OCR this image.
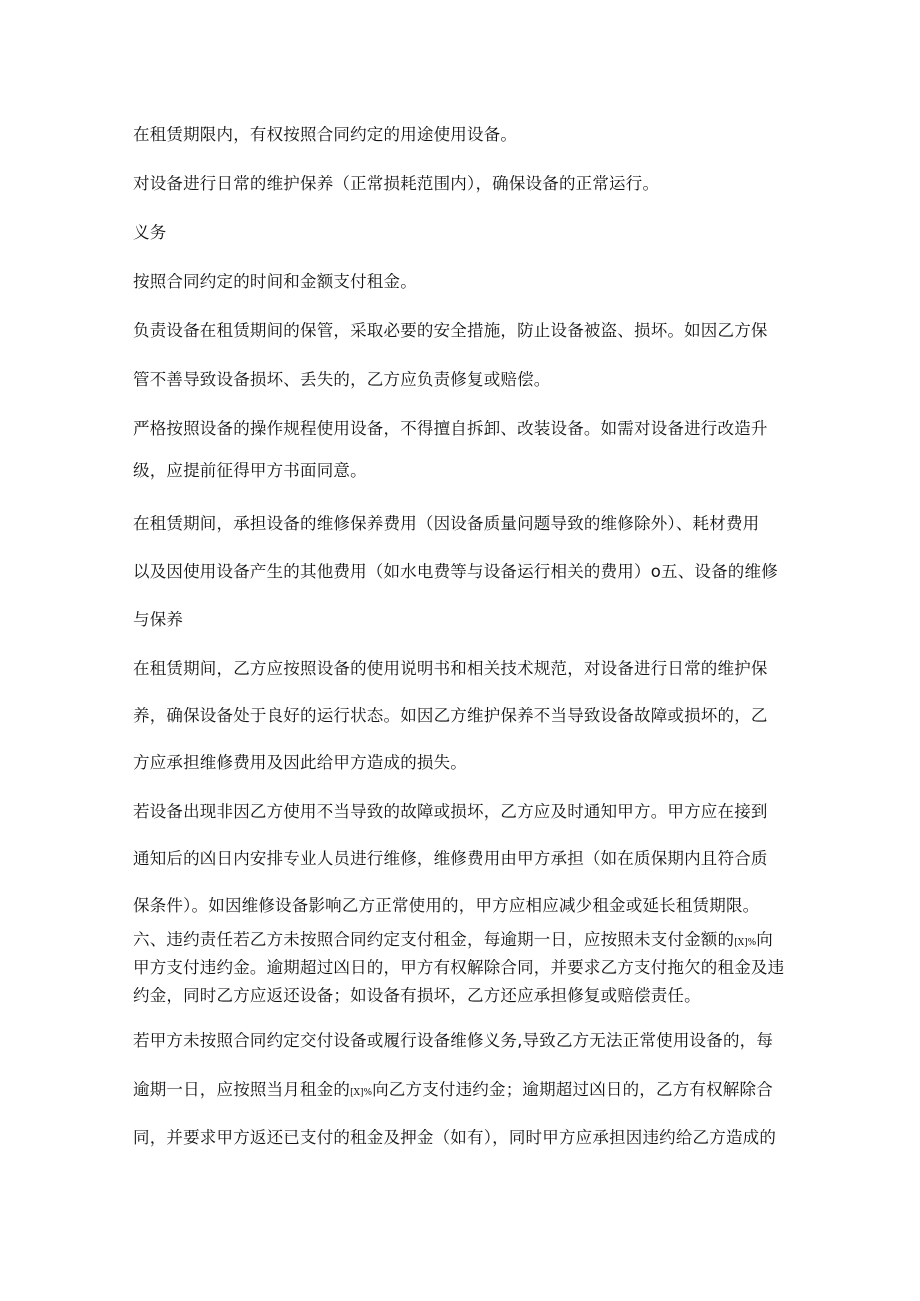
在租赁期限内，有权按照合同约定的用途使用设备。
对设备进行日常的维护保养（正常损耗范围内），确保设备的正常运行。
义务
按照合同约定的时间和金额支付租金。
负责设备在租赁期间的保管，采取必要的安全措施，防止设备被盗、损坏。如因乙方保
管不善导致设备损坏、丢失的，乙方应负责修复或赔偿。
严格按照设备的操作规程使用设备，不得擅自拆卸、改装设备。如需对设备进行改造升
级，应提前征得甲方书面同意。
在租赁期间，承担设备的维修保养费用（因设备质量问题导致的维修除外）、耗材费用
以及因使用设备产生的其他费用（如水电费等与设备运行相关的费用）o五、设备的维修
与保养
在租赁期间，乙方应按照设备的使用说明书和相关技术规范，对设备进行日常的维护保
养，确保设备处于良好的运行状态。如因乙方维护保养不当导致设备故障或损坏的，乙
方应承担维修费用及因此给甲方造成的损失。
若设备出现非因乙方使用不当导致的故障或损坏，乙方应及时通知甲方。甲方应在接到
通知后的凶日内安排专业人员进行维修，维修费用由甲方承担（如在质保期内且符合质
保条件）。如因维修设备影响乙方正常使用的，甲方应相应减少租金或延长租赁期限。
六、违约责任若乙方未按照合同约定支付租金，每逾期一日，应按照未支付金额的[X]%向
甲方支付违约金。逾期超过凶日的，甲方有权解除合同，并要求乙方支付拖欠的租金及违
约金，同时乙方应返还设备；如设备有损坏，乙方还应承担修复或赔偿责任。
若甲方未按照合同约定交付设备或履行设备维修义务,导致乙方无法正常使用设备的，每
逾期一日，应按照当月租金的[X]%向乙方支付违约金；逾期超过凶日的，乙方有权解除合
同，并要求甲方返还已支付的租金及押金（如有），同时甲方应承担因违约给乙方造成的
